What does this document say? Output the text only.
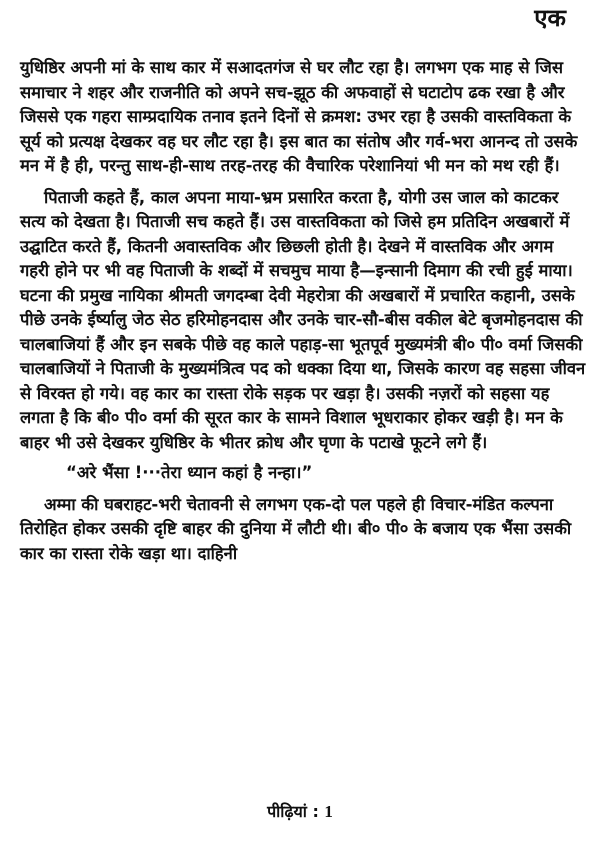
एक

युधिष्ठिर अपनी मां के साथ कार में सआदतगंज से घर लौट रहा है। लगभग एक माह से जिस समाचार ने शहर और राजनीति को अपने सच-झूठ की अफवाहों से घटाटोप ढक रखा है और जिससे एक गहरा साम्प्रदायिक तनाव इतने दिनों से क्रमश: उभर रहा है उसकी वास्तविकता के सूर्य को प्रत्यक्ष देखकर वह घर लौट रहा है। इस बात का संतोष और गर्व-भरा आनन्द तो उसके मन में है ही, परन्तु साथ-ही-साथ तरह-तरह की वैचारिक परेशानियां भी मन को मथ रही हैं।

पिताजी कहते हैं, काल अपना माया-भ्रम प्रसारित करता है, योगी उस जाल को काटकर सत्य को देखता है। पिताजी सच कहते हैं। उस वास्तविकता को जिसे हम प्रतिदिन अखबारों में उद्घाटित करते हैं, कितनी अवास्तविक और छिछली होती है। देखने में वास्तविक और अगम गहरी होने पर भी वह पिताजी के शब्दों में सचमुच माया है—इन्सानी दिमाग की रची हुई माया। घटना की प्रमुख नायिका श्रीमती जगदम्बा देवी मेहरोत्रा की अखबारों में प्रचारित कहानी, उसके पीछे उनके ईर्ष्यालु जेठ सेठ हरिमोहनदास और उनके चार-सौ-बीस वकील बेटे बृजमोहनदास की चालबाजियां हैं और इन सबके पीछे वह काले पहाड़-सा भूतपूर्व मुख्यमंत्री बी० पी० वर्मा जिसकी चालबाजियों ने पिताजी के मुख्यमंत्रित्व पद को धक्का दिया था, जिसके कारण वह सहसा जीवन से विरक्त हो गये। वह कार का रास्ता रोके सड़क पर खड़ा है। उसकी नज़रों को सहसा यह लगता है कि बी० पी० वर्मा की सूरत कार के सामने विशाल भूधराकार होकर खड़ी है। मन के बाहर भी उसे देखकर युधिष्ठिर के भीतर क्रोध और घृणा के पटाखे फूटने लगे हैं।

“अरे भैंसा !···तेरा ध्यान कहां है नन्हा।”

अम्मा की घबराहट-भरी चेतावनी से लगभग एक-दो पल पहले ही विचार-मंडित कल्पना तिरोहित होकर उसकी दृष्टि बाहर की दुनिया में लौटी थी। बी० पी० के बजाय एक भैंसा उसकी कार का रास्ता रोके खड़ा था। दाहिनी

पीढ़ियां : 1
